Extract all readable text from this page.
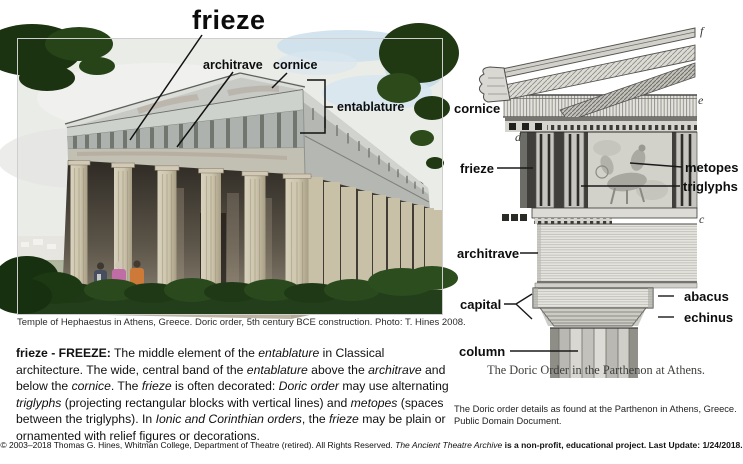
frieze
architrave cornice
entablature
Temple of Hephaestus in Athens, Greece. Doric order, 5th century BCE construction. Photo: T. Hines 2008.
frieze - FREEZE: The middle element of the entablature in Classical architecture. The wide, central band of the entablature above the architrave and below the cornice. The frieze is often decorated: Doric order may use alternating triglyphs (projecting rectangular blocks with vertical lines) and metopes (spaces between the triglyphs). In Ionic and Corinthian orders, the frieze may be plain or ornamented with relief figures or decorations.
cornice
frieze
architrave
capital
column
metopes
triglyphs
abacus
echinus
f
e
d
c
The Doric Order in the Parthenon at Athens.
The Doric order details as found at the Parthenon in Athens, Greece.
Public Domain Document.
© 2003–2018 Thomas G. Hines, Whitman College, Department of Theatre (retired). All Rights Reserved. The Ancient Theatre Archive is a non-profit, educational project. Last Update: 1/24/2018.
